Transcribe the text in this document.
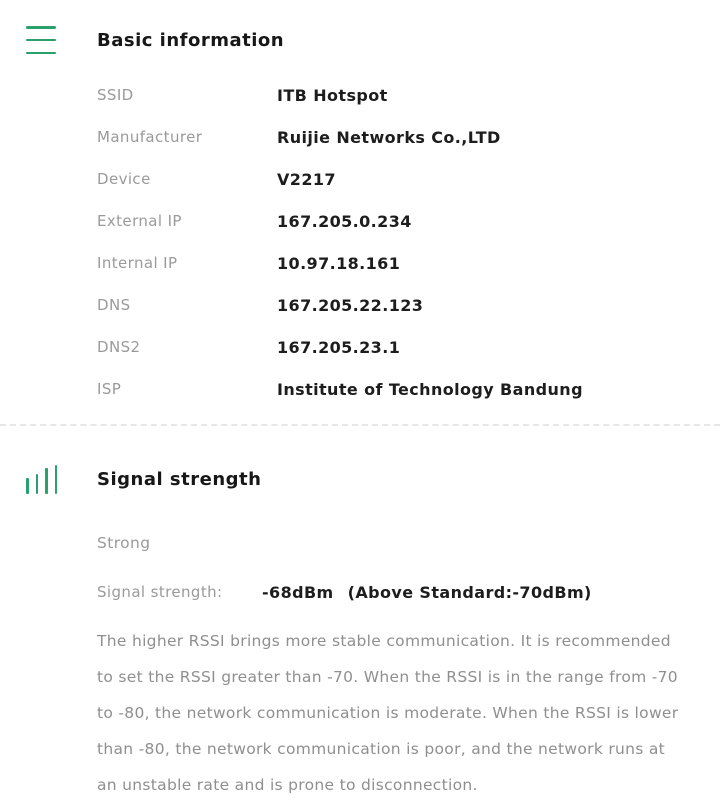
Basic information
SSID	ITB Hotspot
Manufacturer	Ruijie Networks Co.,LTD
Device	V2217
External IP	167.205.0.234
Internal IP	10.97.18.161
DNS	167.205.22.123
DNS2	167.205.23.1
ISP	Institute of Technology Bandung
Signal strength
Strong
Signal strength:	-68dBm (Above Standard:-70dBm)

The higher RSSI brings more stable communication. It is recommended to set the RSSI greater than -70. When the RSSI is in the range from -70 to -80, the network communication is moderate. When the RSSI is lower than -80, the network communication is poor, and the network runs at an unstable rate and is prone to disconnection.
